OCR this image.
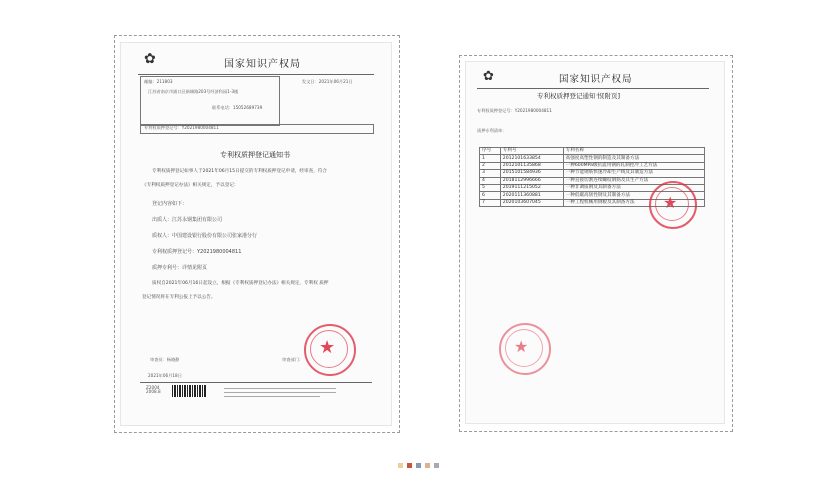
✿	国家知识产权局
邮编：211803
江苏省南京市浦口区新城路203号经济科园1-3楼
联系电话：15052689739
发文日：2021年06月21日
专利权质押登记号：Y2021980004811
专利权质押登记通知书
专利权质押登记如事人于2021年06月15日提交的专利权质押登记申请，经审查，符合
《专利权质押登记办法》相关规定，予以登记：
登记内容如下：
出质人：江苏永钢集团有限公司
质权人：中国建设银行股份有限公司张家港分行
专利权质押登记号：Y2021980004811
质押专利号：详情见附页
质权自2021年06月16日起设立，根据《专利权质押登记办法》相关规定，专利权 质押
登记情况将在专利公报上予以公告。
审查员：杨晓静	审查部门：
2021年06月18日
Z2004 2008.8
★
✿	国家知识产权局
专利权质押登记通知书[附页]
专利权质押登记号：Y2021980004811
质押专利清单：
序号	专利号	专利名称
1	2012101633854	高强度高塑性钢的制造及其制备方法
2	2012101135868	一种600MPa级抗震用钢的轧制控冷工艺方法
3	2015101584936	一种节能钢筋快速冷却生产线及其制造方法
4	2018112996666	一种直接切割连续螺纹钢筋及其生产方法
5	2019111215052	一种非调质钢及其制备方法
6	2020111360881	一种低碳高韧性钢及其制备方法
7	2020103607045	一种工程机械用钢板及其制备方法 ★
★
